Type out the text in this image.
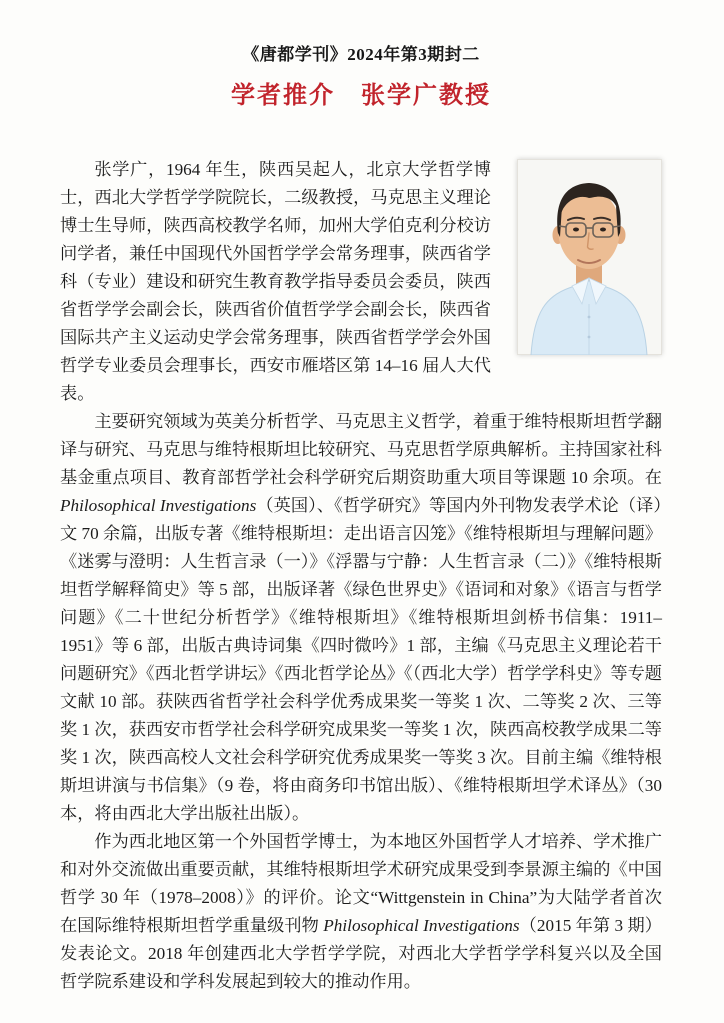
《唐都学刊》2024年第3期封二
学者推介　张学广教授

张学广，1964 年生，陕西吴起人，北京大学哲学博士，西北大学哲学学院院长，二级教授，马克思主义理论博士生导师，陕西高校教学名师，加州大学伯克利分校访问学者，兼任中国现代外国哲学学会常务理事，陕西省学科（专业）建设和研究生教育教学指导委员会委员，陕西省哲学学会副会长，陕西省价值哲学学会副会长，陕西省国际共产主义运动史学会常务理事，陕西省哲学学会外国哲学专业委员会理事长，西安市雁塔区第 14–16 届人大代表。

主要研究领域为英美分析哲学、马克思主义哲学，着重于维特根斯坦哲学翻译与研究、马克思与维特根斯坦比较研究、马克思哲学原典解析。主持国家社科基金重点项目、教育部哲学社会科学研究后期资助重大项目等课题 10 余项。在 Philosophical Investigations（英国）、《哲学研究》等国内外刊物发表学术论（译）文 70 余篇，出版专著《维特根斯坦：走出语言囚笼》《维特根斯坦与理解问题》《迷雾与澄明：人生哲言录（一）》《浮嚣与宁静：人生哲言录（二）》《维特根斯坦哲学解释简史》等 5 部，出版译著《绿色世界史》《语词和对象》《语言与哲学问题》《二十世纪分析哲学》《维特根斯坦》《维特根斯坦剑桥书信集：1911–1951》等 6 部，出版古典诗词集《四时微吟》1 部，主编《马克思主义理论若干问题研究》《西北哲学讲坛》《西北哲学论丛》《（西北大学）哲学学科史》等专题文献 10 部。获陕西省哲学社会科学优秀成果奖一等奖 1 次、二等奖 2 次、三等奖 1 次，获西安市哲学社会科学研究成果奖一等奖 1 次，陕西高校教学成果二等奖 1 次，陕西高校人文社会科学研究优秀成果奖一等奖 3 次。目前主编《维特根斯坦讲演与书信集》（9 卷，将由商务印书馆出版）、《维特根斯坦学术译丛》（30 本，将由西北大学出版社出版）。

作为西北地区第一个外国哲学博士，为本地区外国哲学人才培养、学术推广和对外交流做出重要贡献，其维特根斯坦学术研究成果受到李景源主编的《中国哲学 30 年（1978–2008）》的评价。论文“Wittgenstein in China”为大陆学者首次在国际维特根斯坦哲学重量级刊物 Philosophical Investigations（2015 年第 3 期）发表论文。2018 年创建西北大学哲学学院，对西北大学哲学学科复兴以及全国哲学院系建设和学科发展起到较大的推动作用。
